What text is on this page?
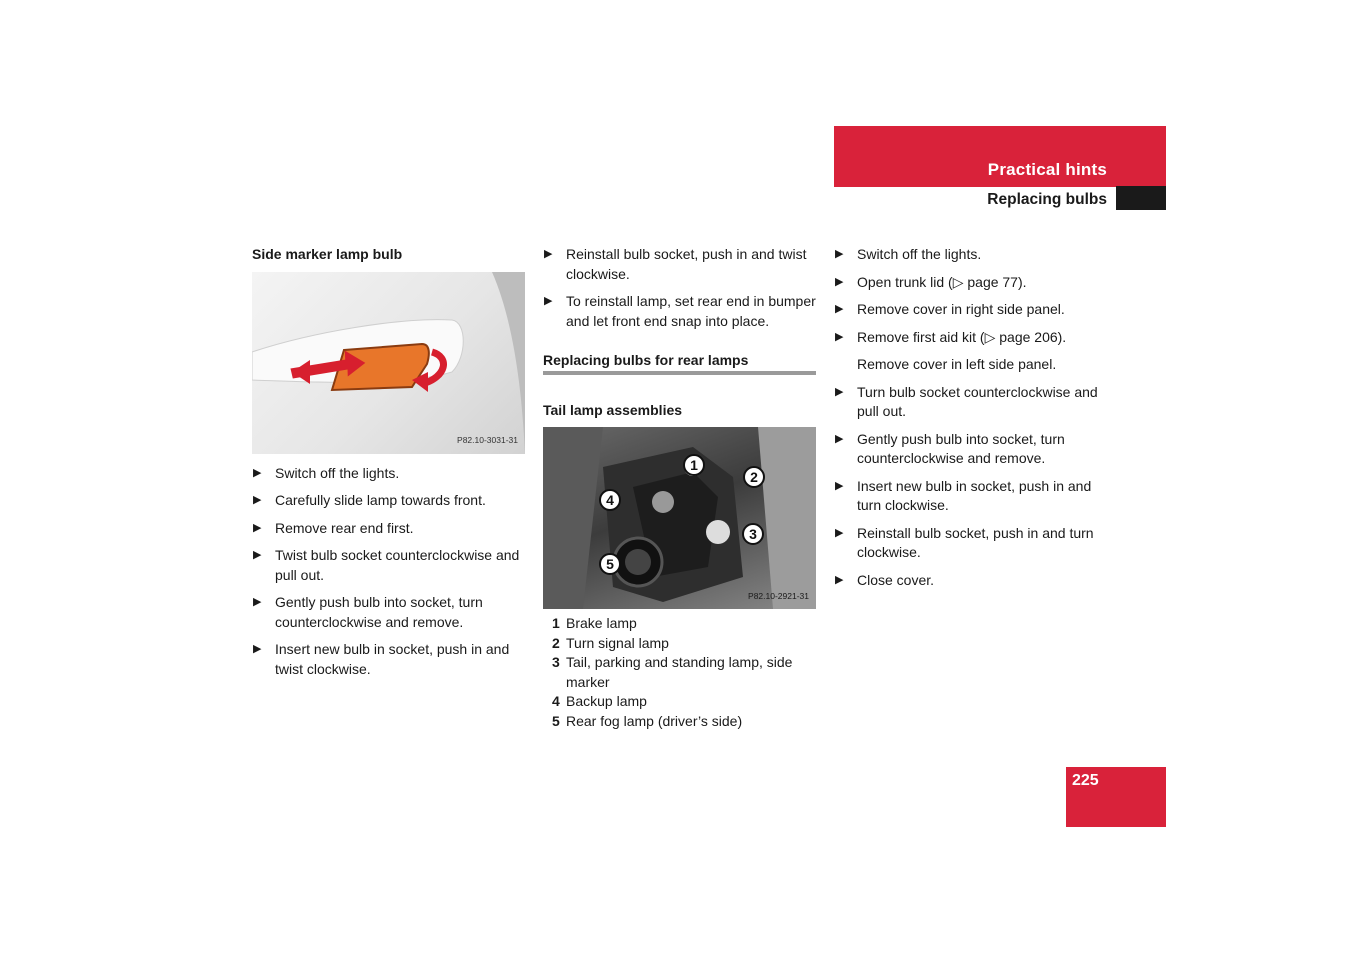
Practical hints
Replacing bulbs
Side marker lamp bulb
P82.10-3031-31
▶ Switch off the lights.
▶ Carefully slide lamp towards front.
▶ Remove rear end first.
▶ Twist bulb socket counterclockwise and pull out.
▶ Gently push bulb into socket, turn counterclockwise and remove.
▶ Insert new bulb in socket, push in and twist clockwise.
▶ Reinstall bulb socket, push in and twist clockwise.
▶ To reinstall lamp, set rear end in bumper and let front end snap into place.
Replacing bulbs for rear lamps
Tail lamp assemblies
1
2
3
4
5
P82.10-2921-31
1 Brake lamp
2 Turn signal lamp
3 Tail, parking and standing lamp, side marker
4 Backup lamp
5 Rear fog lamp (driver’s side)
▶ Switch off the lights.
▶ Open trunk lid (▷ page 77).
▶ Remove cover in right side panel.
▶ Remove first aid kit (▷ page 206).

Remove cover in left side panel.

▶ Turn bulb socket counterclockwise and pull out.
▶ Gently push bulb into socket, turn counterclockwise and remove.
▶ Insert new bulb in socket, push in and turn clockwise.
▶ Reinstall bulb socket, push in and turn clockwise.
▶ Close cover.
225
